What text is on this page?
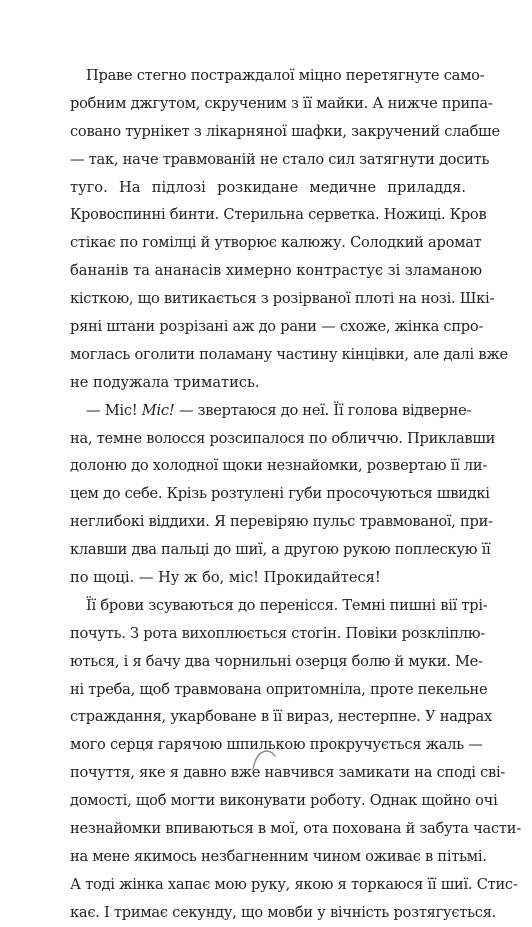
Праве стегно постраждалої міцно перетягнуте само-
робним джгутом, скрученим з її майки. А нижче припа-
совано турнікет з лікарняної шафки, закручений слабше
— так, наче травмованій не стало сил затягнути досить
туго. На підлозі розкидане медичне приладдя.
Кровоспинні бинти. Стерильна серветка. Ножиці. Кров
стікає по гомілці й утворює калюжу. Солодкий аромат
бананів та ананасів химерно контрастує зі зламаною
кісткою, що витикається з розірваної плоті на нозі. Шкі-
ряні штани розрізані аж до рани — схоже, жінка спро-
моглась оголити поламану частину кінцівки, але далі вже
не подужала триматись.
— Міс! Міс! — звертаюся до неї. Її голова відверне-
на, темне волосся розсипалося по обличчю. Приклавши
долоню до холодної щоки незнайомки, розвертаю її ли-
цем до себе. Крізь розтулені губи просочуються швидкі
неглибокі віддихи. Я перевіряю пульс травмованої, при-
клавши два пальці до шиї, а другою рукою поплескую її
по щоці. — Ну ж бо, міс! Прокидайтеся!
Її брови зсуваються до перенісся. Темні пишні вії трі-
почуть. З рота вихоплюється стогін. Повіки розкліплю-
ються, і я бачу два чорнильні озерця болю й муки. Ме-
ні треба, щоб травмована опритомніла, проте пекельне
страждання, укарбоване в її вираз, нестерпне. У надрах
мого серця гарячою шпилькою прокручується жаль —
почуття, яке я давно вже навчився замикати на споді сві-
домості, щоб могти виконувати роботу. Однак щойно очі
незнайомки впиваються в мої, ота похована й забута части-
на мене якимось незбагненним чином оживає в пітьмі.
А тоді жінка хапає мою руку, якою я торкаюся її шиї. Стис-
кає. І тримає секунду, що мовби у вічність розтягується.
